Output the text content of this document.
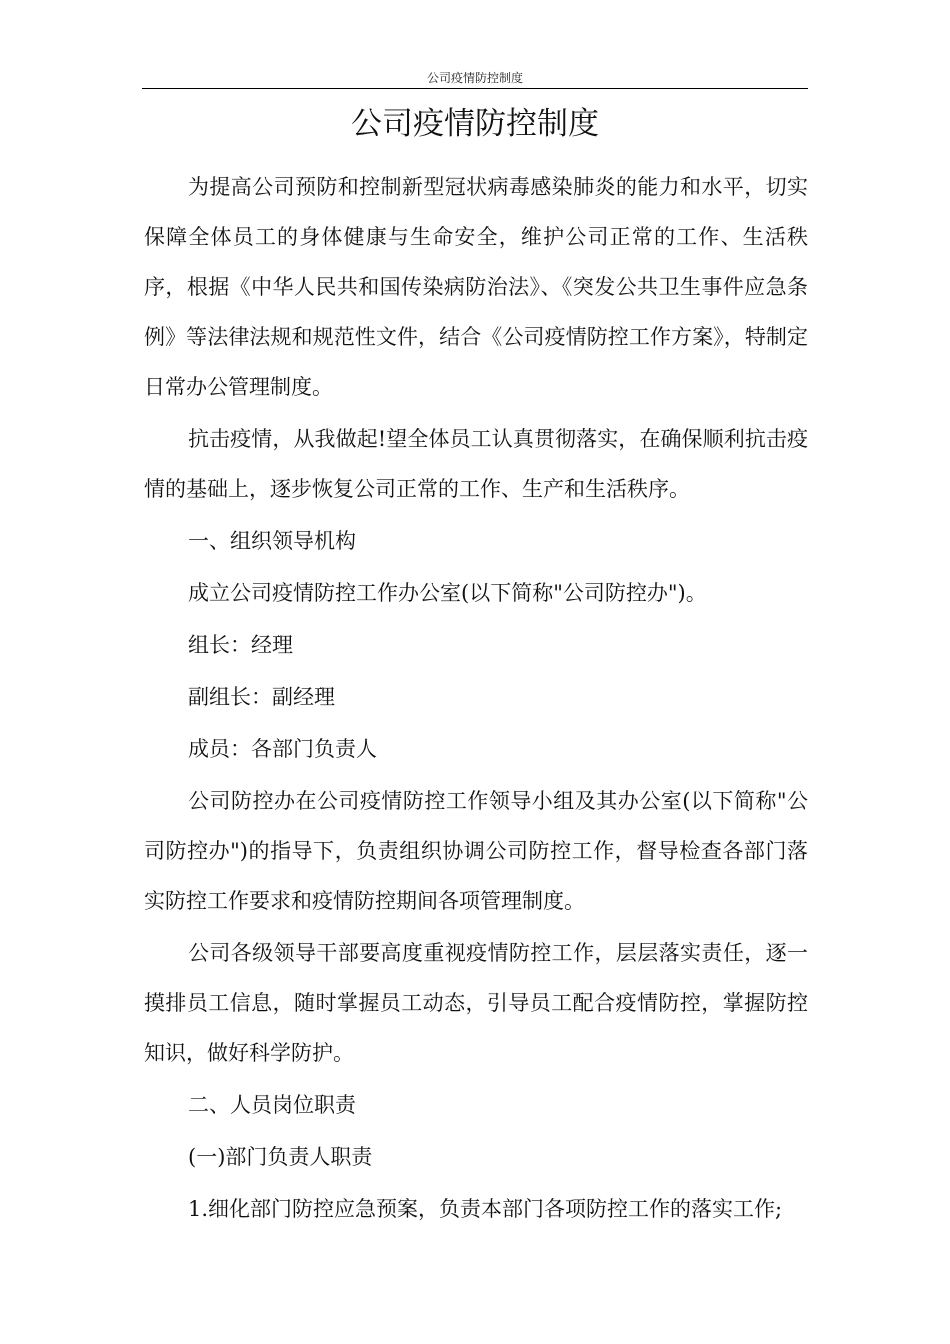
公司疫情防控制度
公司疫情防控制度

为提高公司预防和控制新型冠状病毒感染肺炎的能力和水平，切实保障全体员工的身体健康与生命安全，维护公司正常的工作、生活秩序，根据《中华人民共和国传染病防治法》、《突发公共卫生事件应急条例》等法律法规和规范性文件，结合《公司疫情防控工作方案》，特制定日常办公管理制度。

抗击疫情，从我做起!望全体员工认真贯彻落实，在确保顺利抗击疫情的基础上，逐步恢复公司正常的工作、生产和生活秩序。

一、组织领导机构

成立公司疫情防控工作办公室(以下简称"公司防控办")。

组长：经理

副组长：副经理

成员：各部门负责人

公司防控办在公司疫情防控工作领导小组及其办公室(以下简称"公司防控办")的指导下，负责组织协调公司防控工作，督导检查各部门落实防控工作要求和疫情防控期间各项管理制度。

公司各级领导干部要高度重视疫情防控工作，层层落实责任，逐一摸排员工信息，随时掌握员工动态，引导员工配合疫情防控，掌握防控知识，做好科学防护。

二、人员岗位职责

(一)部门负责人职责

1.细化部门防控应急预案，负责本部门各项防控工作的落实工作;
